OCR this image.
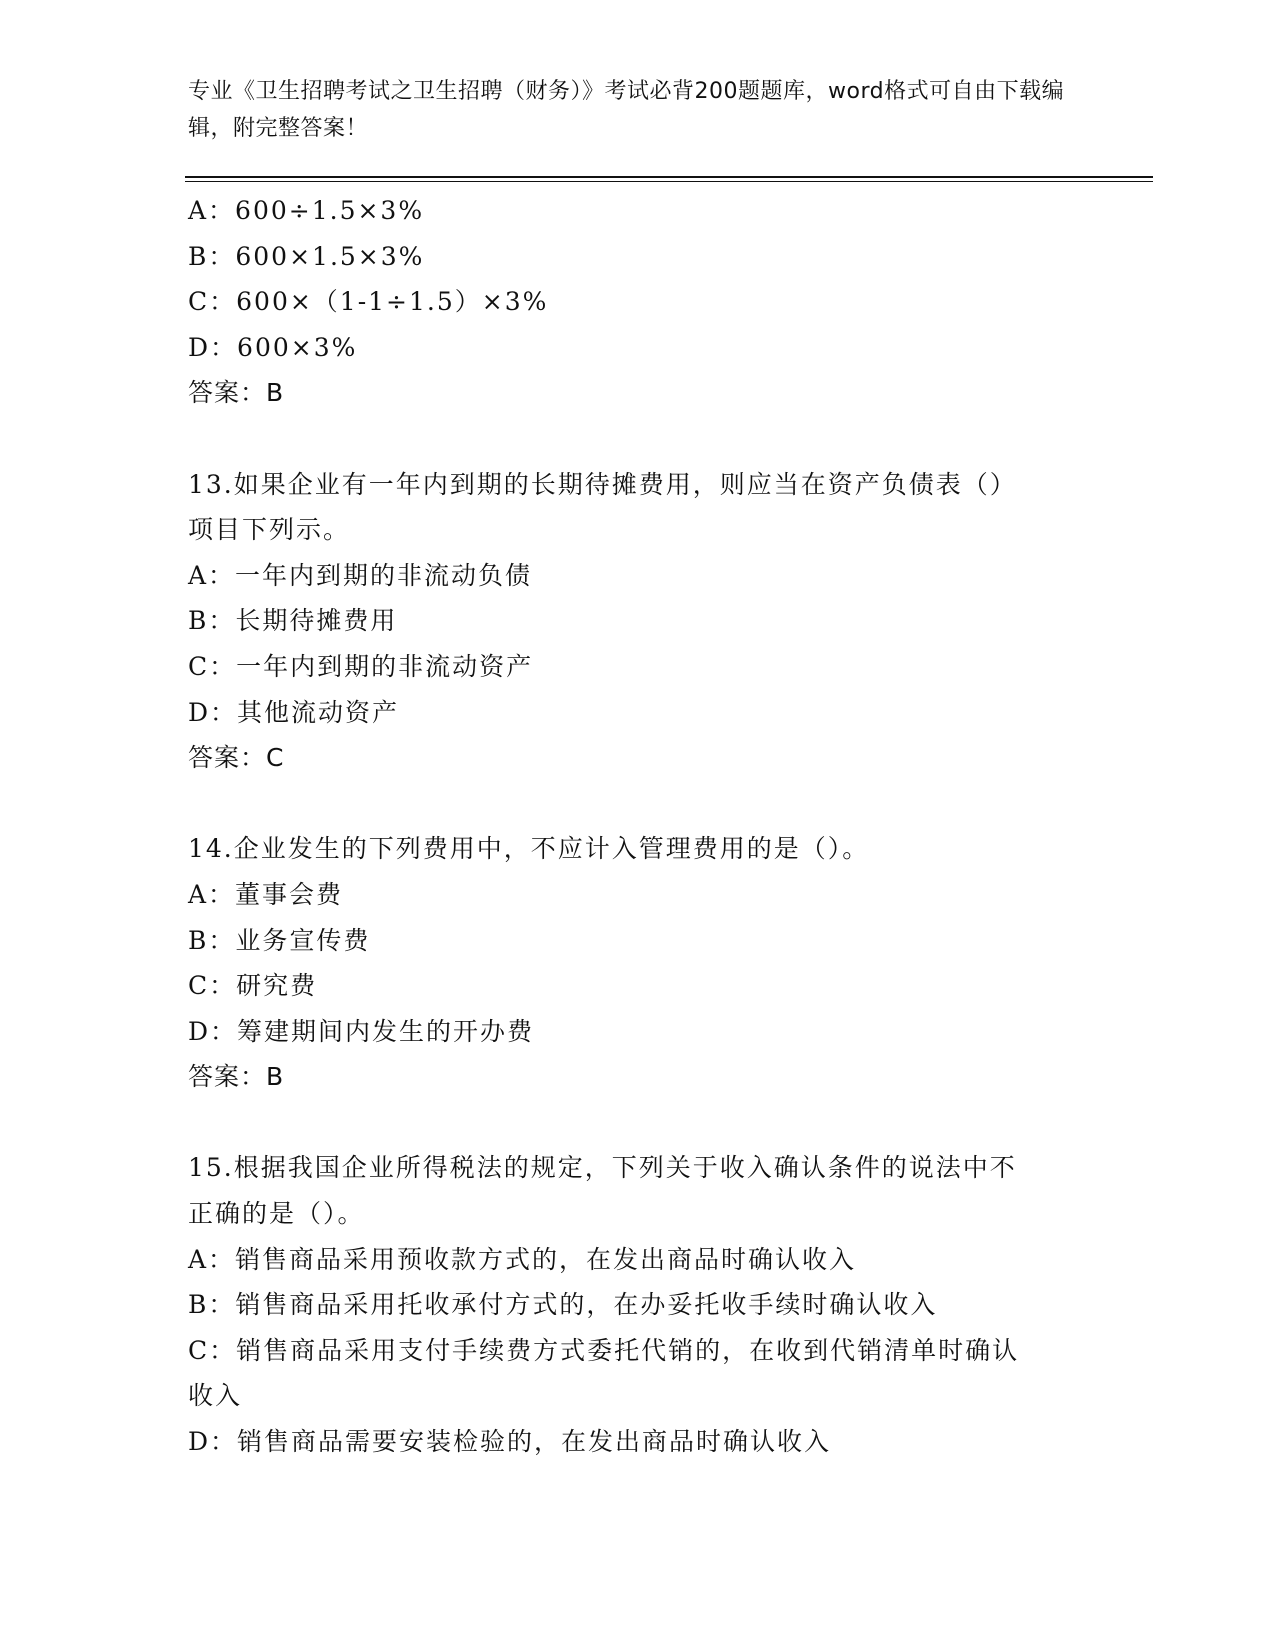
专业《卫生招聘考试之卫生招聘（财务）》考试必背200题题库，word格式可自由下载编辑，附完整答案！

A：600÷1.5×3%

B：600×1.5×3%

C：600×（1-1÷1.5）×3%

D：600×3%

答案：B

13.如果企业有一年内到期的长期待摊费用，则应当在资产负债表（）

项目下列示。

A：一年内到期的非流动负债

B：长期待摊费用

C：一年内到期的非流动资产

D：其他流动资产

答案：C

14.企业发生的下列费用中，不应计入管理费用的是（）。

A：董事会费

B：业务宣传费

C：研究费

D：筹建期间内发生的开办费

答案：B

15.根据我国企业所得税法的规定，下列关于收入确认条件的说法中不

正确的是（）。

A：销售商品采用预收款方式的，在发出商品时确认收入

B：销售商品采用托收承付方式的，在办妥托收手续时确认收入

C：销售商品采用支付手续费方式委托代销的，在收到代销清单时确认

收入

D：销售商品需要安装检验的，在发出商品时确认收入
